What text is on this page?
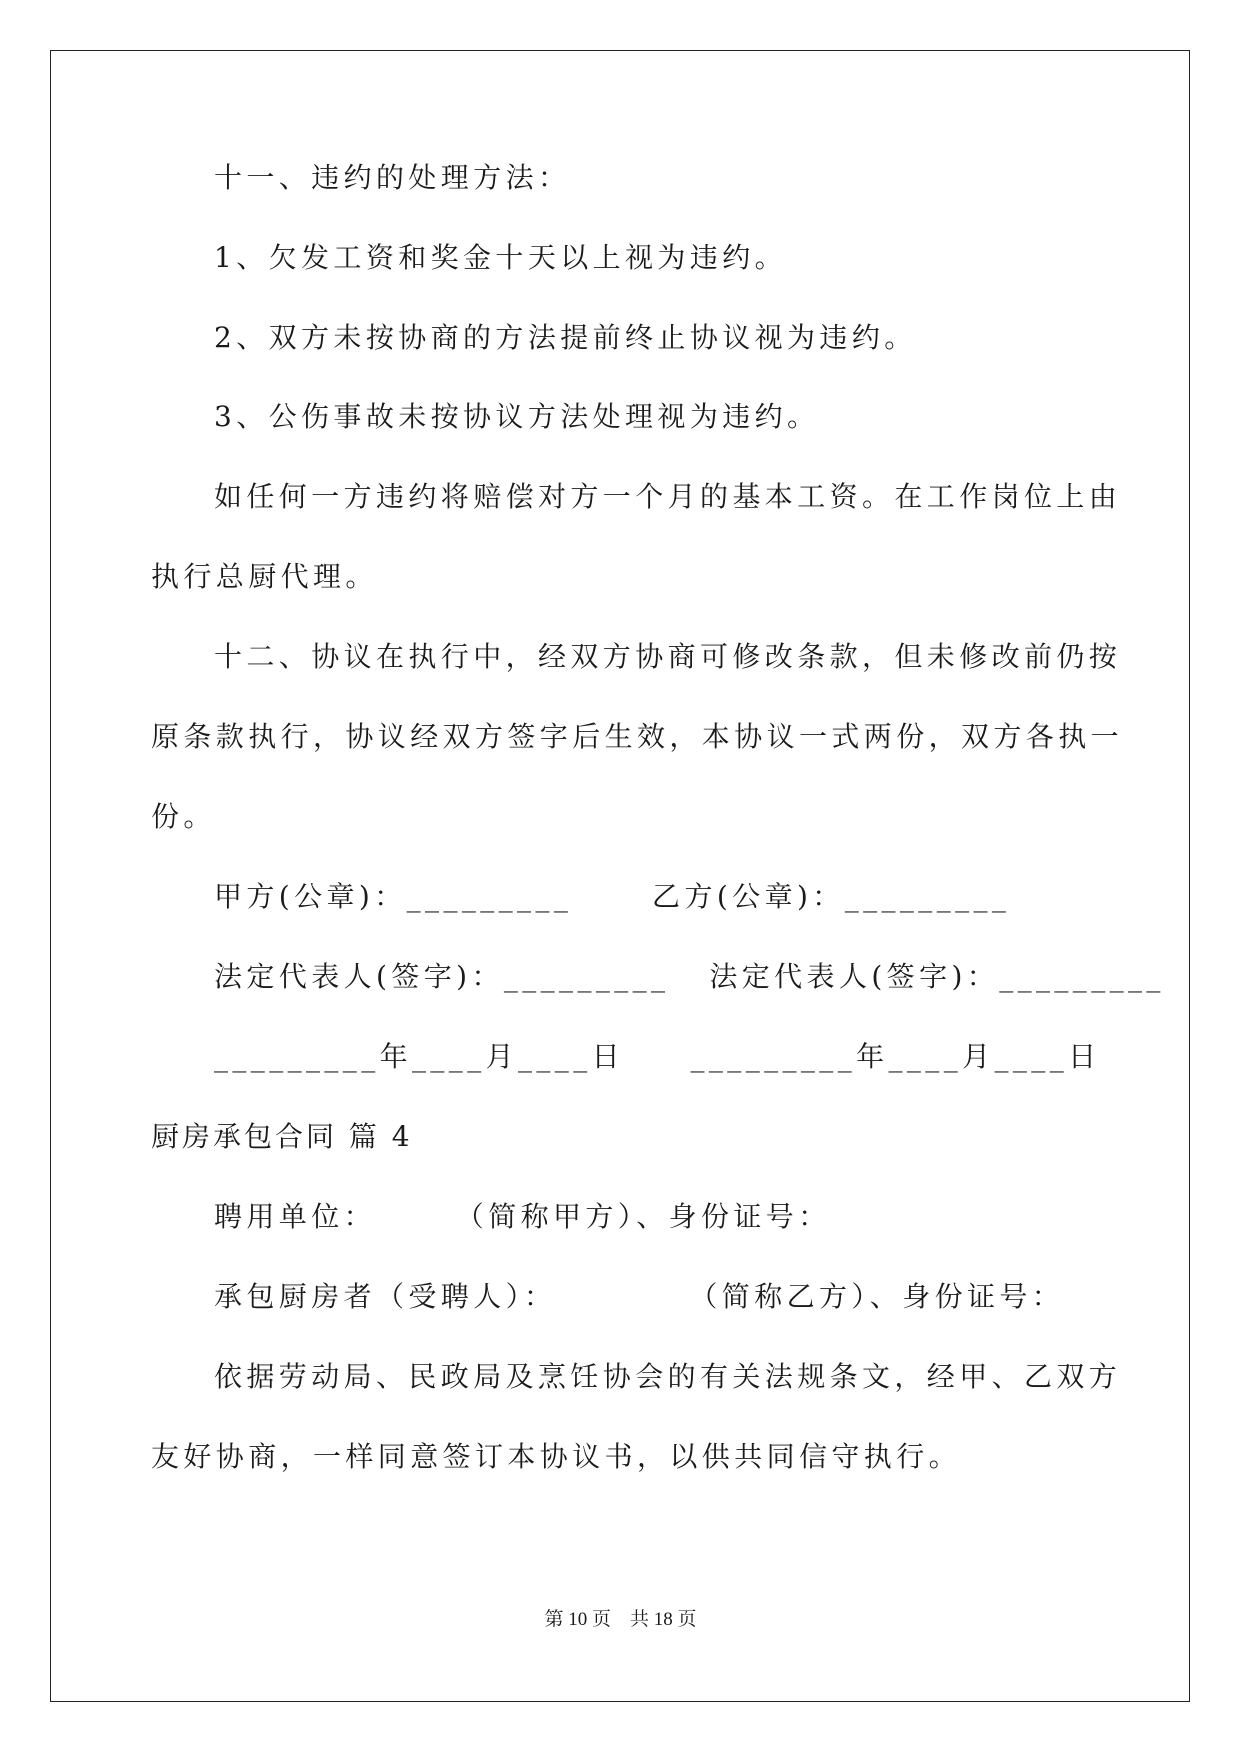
十一、违约的处理方法：
1、欠发工资和奖金十天以上视为违约。
2、双方未按协商的方法提前终止协议视为违约。
3、公伤事故未按协议方法处理视为违约。
如任何一方违约将赔偿对方一个月的基本工资。在工作岗位上由
执行总厨代理。
十二、协议在执行中，经双方协商可修改条款，但未修改前仍按
原条款执行，协议经双方签字后生效，本协议一式两份，双方各执一
份。
甲方(公章)：_________      乙方(公章)：_________
法定代表人(签字)：_________   法定代表人(签字)：_________
_________年____月____日     _________年____月____日
厨房承包合同 篇 4
聘用单位：      （简称甲方）、身份证号：
承包厨房者（受聘人）：          （简称乙方）、身份证号：
依据劳动局、民政局及烹饪协会的有关法规条文，经甲、乙双方
友好协商，一样同意签订本协议书，以供共同信守执行。
第 10 页    共 18 页
